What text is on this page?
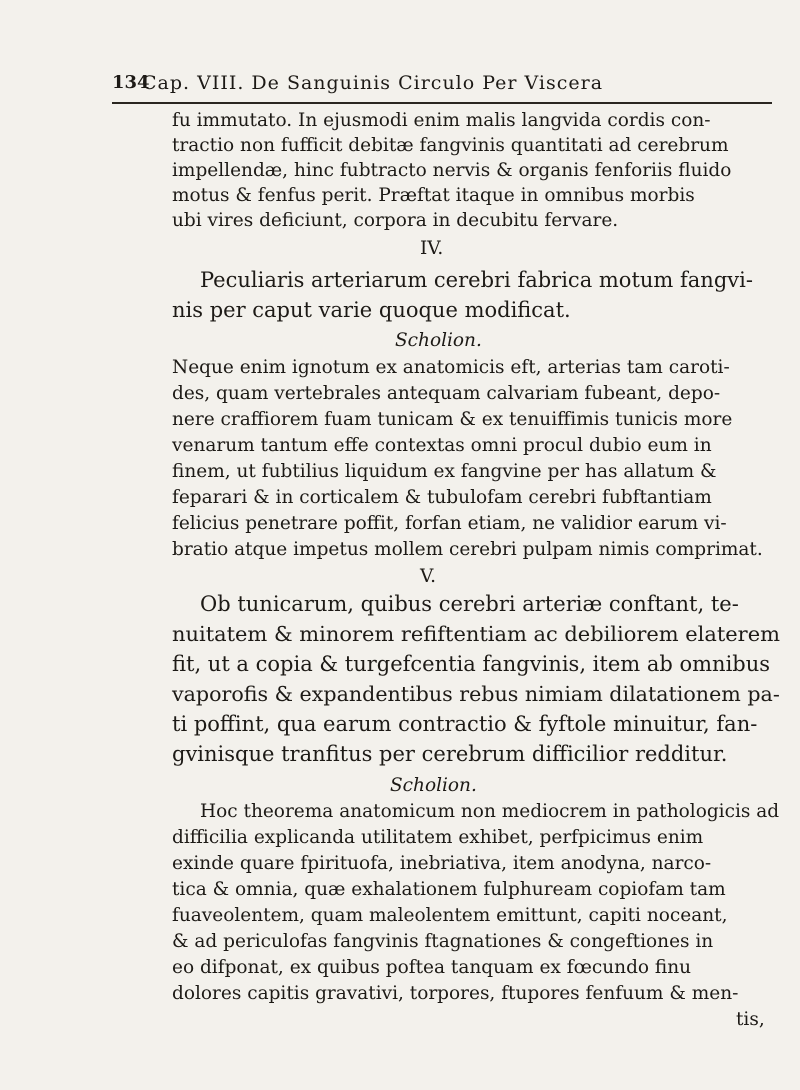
134
Cap. VIII. De Sanguinis Circulo Per Viscera
fu immutato. In ejusmodi enim malis langvida cordis con-
tractio non fufficit debitæ fangvinis quantitati ad cerebrum
impellendæ, hinc fubtracto nervis & organis fenforiis fluido
motus & fenfus perit. Præftat itaque in omnibus morbis
ubi vires deficiunt, corpora in decubitu fervare.
IV.
Peculiaris arteriarum cerebri fabrica motum fangvi-
nis per caput varie quoque modificat.
Scholion.
Neque enim ignotum ex anatomicis eft, arterias tam caroti-
des, quam vertebrales antequam calvariam fubeant, depo-
nere craffiorem fuam tunicam & ex tenuiffimis tunicis more
venarum tantum effe contextas omni procul dubio eum in
finem, ut fubtilius liquidum ex fangvine per has allatum &
feparari & in corticalem & tubulofam cerebri fubftantiam
felicius penetrare poffit, forfan etiam, ne validior earum vi-
bratio atque impetus mollem cerebri pulpam nimis comprimat.
V.
Ob tunicarum, quibus cerebri arteriæ conftant, te-
nuitatem & minorem refiftentiam ac debiliorem elaterem
fit, ut a copia & turgefcentia fangvinis, item ab omnibus
vaporofis & expandentibus rebus nimiam dilatationem pa-
ti poffint, qua earum contractio & fyftole minuitur, fan-
gvinisque tranfitus per cerebrum difficilior redditur.
Scholion.
Hoc theorema anatomicum non mediocrem in pathologicis ad
difficilia explicanda utilitatem exhibet, perfpicimus enim
exinde quare fpirituofa, inebriativa, item anodyna, narco-
tica & omnia, quæ exhalationem fulphuream copiofam tam
fuaveolentem, quam maleolentem emittunt, capiti noceant,
& ad periculofas fangvinis ftagnationes & congeftiones in
eo difponat, ex quibus poftea tanquam ex fœcundo finu
dolores capitis gravativi, torpores, ftupores fenfuum & men-
tis,
